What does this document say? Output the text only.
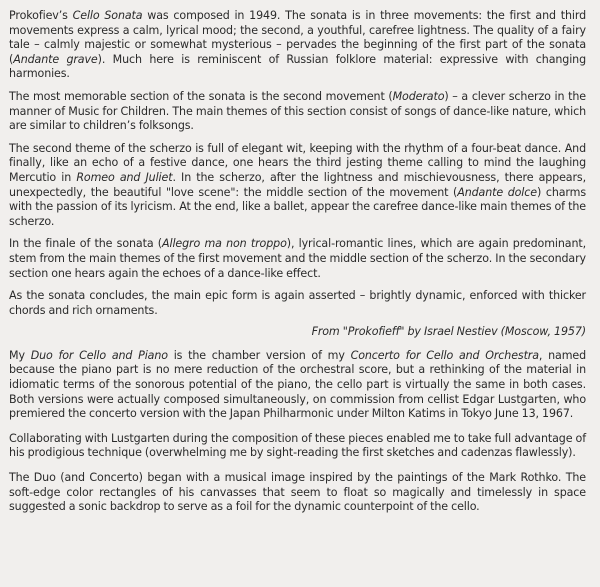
Prokofiev’s Cello Sonata was composed in 1949. The sonata is in three movements: the first and third movements express a calm, lyrical mood; the second, a youthful, carefree lightness. The quality of a fairy tale – calmly majestic or somewhat mysterious – pervades the beginning of the first part of the sonata (Andante grave). Much here is reminiscent of Russian folklore material: expressive with changing harmonies.

The most memorable section of the sonata is the second movement (Moderato) – a clever scherzo in the manner of Music for Children. The main themes of this section consist of songs of dance-like nature, which are similar to children’s folksongs.

The second theme of the scherzo is full of elegant wit, keeping with the rhythm of a four-beat dance. And finally, like an echo of a festive dance, one hears the third jesting theme calling to mind the laughing Mercutio in Romeo and Juliet. In the scherzo, after the lightness and mischievousness, there appears, unexpectedly, the beautiful "love scene": the middle section of the movement (Andante dolce) charms with the passion of its lyricism. At the end, like a ballet, appear the carefree dance-like main themes of the scherzo.

In the finale of the sonata (Allegro ma non troppo), lyrical-romantic lines, which are again predominant, stem from the main themes of the first movement and the middle section of the scherzo. In the secondary section one hears again the echoes of a dance-like effect.

As the sonata concludes, the main epic form is again asserted – brightly dynamic, enforced with thicker chords and rich ornaments.

From "Prokofieff" by Israel Nestiev (Moscow, 1957)

My Duo for Cello and Piano is the chamber version of my Concerto for Cello and Orchestra, named because the piano part is no mere reduction of the orchestral score, but a rethinking of the material in idiomatic terms of the sonorous potential of the piano, the cello part is virtually the same in both cases. Both versions were actually composed simultaneously, on commission from cellist Edgar Lustgarten, who premiered the concerto version with the Japan Philharmonic under Milton Katims in Tokyo June 13, 1967.

Collaborating with Lustgarten during the composition of these pieces enabled me to take full advantage of his prodigious technique (overwhelming me by sight-reading the first sketches and cadenzas flawlessly).

The Duo (and Concerto) began with a musical image inspired by the paintings of the Mark Rothko. The soft-edge color rectangles of his canvasses that seem to float so magically and timelessly in space suggested a sonic backdrop to serve as a foil for the dynamic counterpoint of the cello.
